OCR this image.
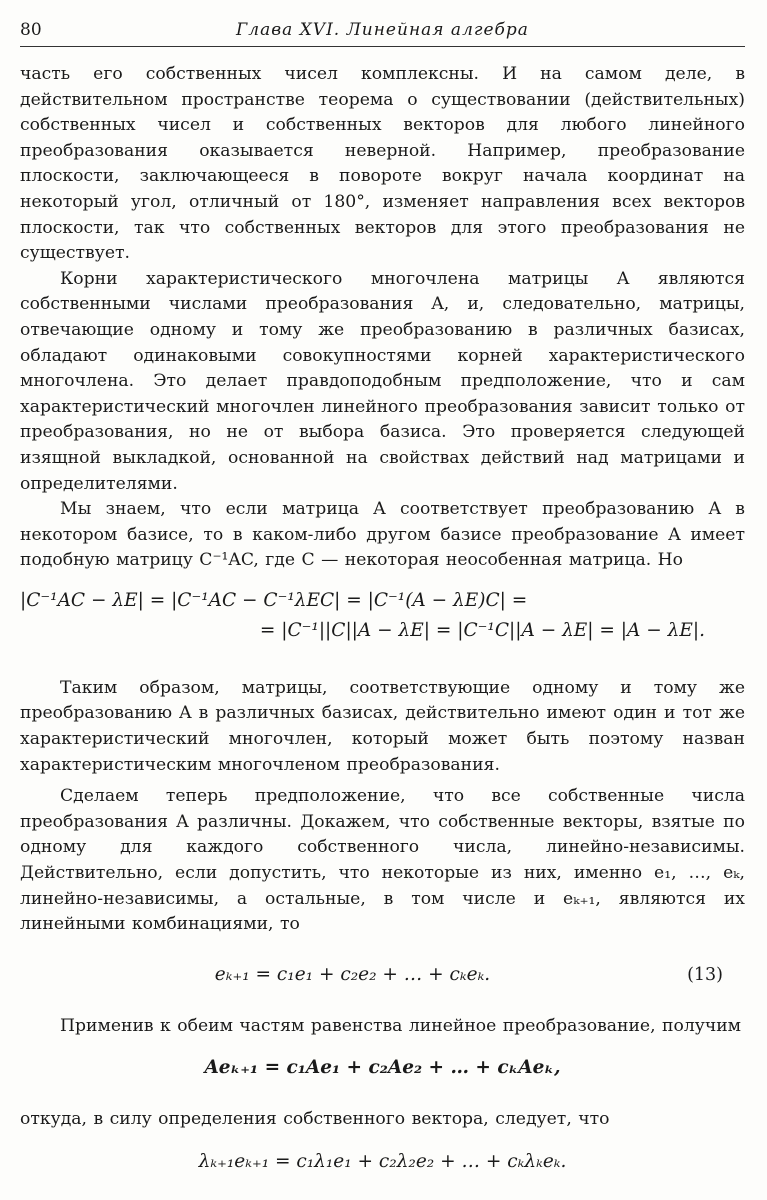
80	Глава XVI. Линейная алгебра

часть его собственных чисел комплексны. И на самом деле, в действительном пространстве теорема о существовании (действительных) собственных чисел и собственных векторов для любого линейного преобразования оказывается неверной. Например, преобразование плоскости, заключающееся в повороте вокруг начала координат на некоторый угол, отличный от 180°, изменяет направления всех векторов плоскости, так что собственных векторов для этого преобразования не существует.

Корни характеристического многочлена матрицы A являются собственными числами преобразования A, и, следовательно, матрицы, отвечающие одному и тому же преобразованию в различных базисах, обладают одинаковыми совокупностями корней характеристического многочлена. Это делает правдоподобным предположение, что и сам характеристический многочлен линейного преобразования зависит только от преобразования, но не от выбора базиса. Это проверяется следующей изящной выкладкой, основанной на свойствах действий над матрицами и определителями.

Мы знаем, что если матрица A соответствует преобразованию A в некотором базисе, то в каком-либо другом базисе преобразование A имеет подобную матрицу C⁻¹AC, где C — некоторая неособенная матрица. Но

|C⁻¹AC − λE| = |C⁻¹AC − C⁻¹λEC| = |C⁻¹(A − λE)C| =
= |C⁻¹||C||A − λE| = |C⁻¹C||A − λE| = |A − λE|.

Таким образом, матрицы, соответствующие одному и тому же преобразованию A в различных базисах, действительно имеют один и тот же характеристический многочлен, который может быть поэтому назван характеристическим многочленом преобразования.

Сделаем теперь предположение, что все собственные числа преобразования A различны. Докажем, что собственные векторы, взятые по одному для каждого собственного числа, линейно-независимы. Действительно, если допустить, что некоторые из них, именно e₁, …, eₖ, линейно-независимы, а остальные, в том числе и eₖ₊₁, являются их линейными комбинациями, то

eₖ₊₁ = c₁e₁ + c₂e₂ + … + cₖeₖ.	(13)

Применив к обеим частям равенства линейное преобразование, получим

Aeₖ₊₁ = c₁Ae₁ + c₂Ae₂ + … + cₖAeₖ,

откуда, в силу определения собственного вектора, следует, что

λₖ₊₁eₖ₊₁ = c₁λ₁e₁ + c₂λ₂e₂ + … + cₖλₖeₖ.
